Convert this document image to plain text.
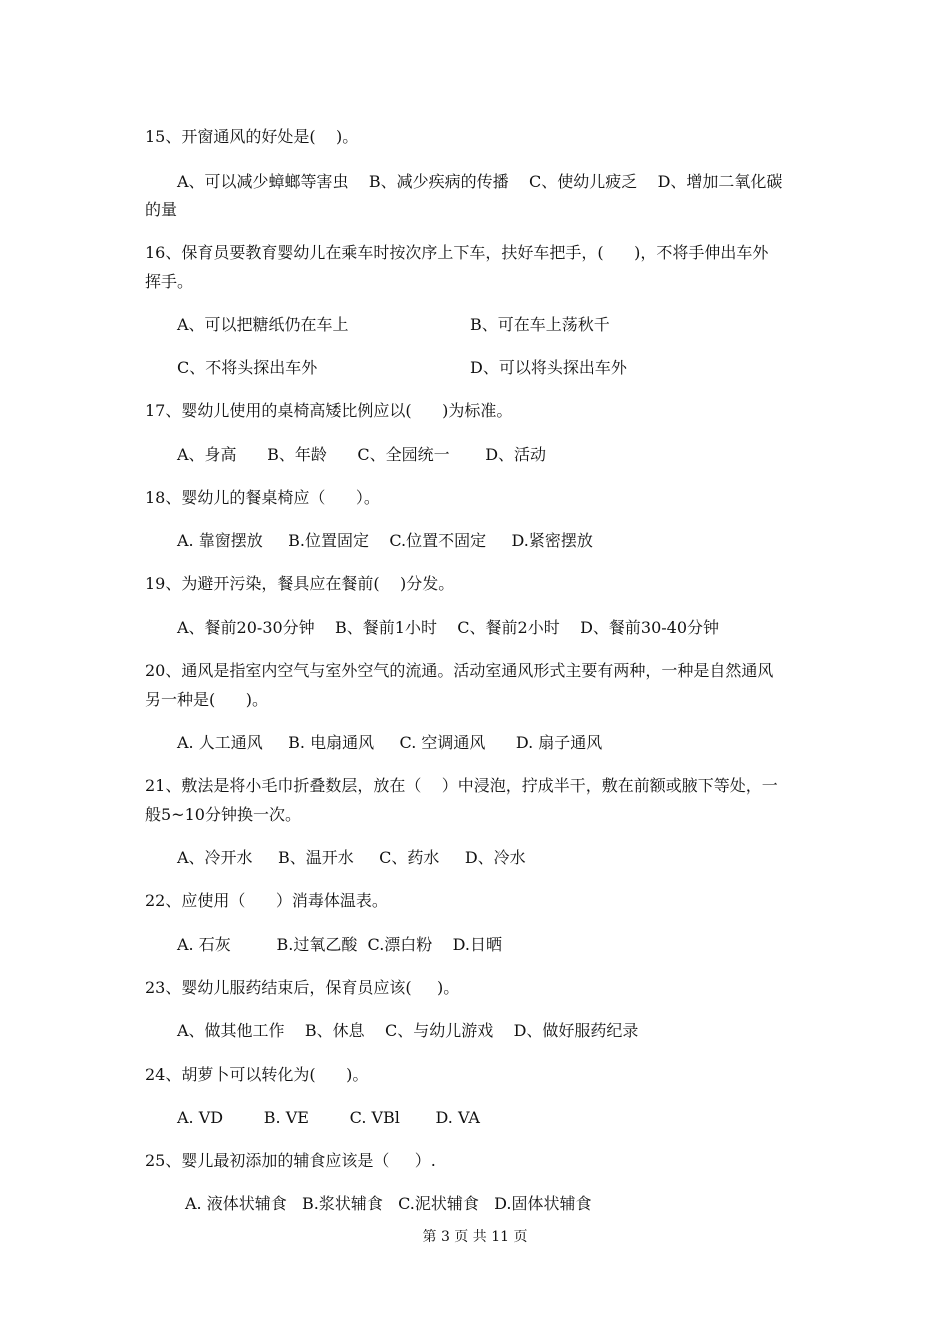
15、开窗通风的好处是(    )。
A、可以减少蟑螂等害虫    B、减少疾病的传播    C、使幼儿疲乏    D、增加二氧化碳
的量
16、保育员要教育婴幼儿在乘车时按次序上下车，扶好车把手，(      )，不将手伸出车外
挥手。
A、可以把糖纸仍在车上	B、可在车上荡秋千
C、不将头探出车外	D、可以将头探出车外
17、婴幼儿使用的桌椅高矮比例应以(      )为标准。
A、身高      B、年龄      C、全园统一       D、活动
18、婴幼儿的餐桌椅应（      ）。
A. 靠窗摆放     B.位置固定    C.位置不固定     D.紧密摆放
19、为避开污染，餐具应在餐前(    )分发。
A、餐前20-30分钟    B、餐前1小时    C、餐前2小时    D、餐前30-40分钟
20、通风是指室内空气与室外空气的流通。活动室通风形式主要有两种，一种是自然通风
另一种是(      )。
A. 人工通风     B. 电扇通风     C. 空调通风      D. 扇子通风
21、敷法是将小毛巾折叠数层，放在（    ）中浸泡，拧成半干，敷在前额或腋下等处，一
般5~10分钟换一次。
A、冷开水     B、温开水     C、药水     D、冷水
22、应使用（      ）消毒体温表。
A. 石灰         B.过氧乙酸  C.漂白粉    D.日晒
23、婴幼儿服药结束后，保育员应该(     )。
A、做其他工作    B、休息    C、与幼儿游戏    D、做好服药纪录
24、胡萝卜可以转化为(      )。
A. VD        B. VE        C. VBl       D. VA
25、婴儿最初添加的辅食应该是（     ）.
A. 液体状辅食   B.浆状辅食   C.泥状辅食   D.固体状辅食
第 3 页 共 11 页
